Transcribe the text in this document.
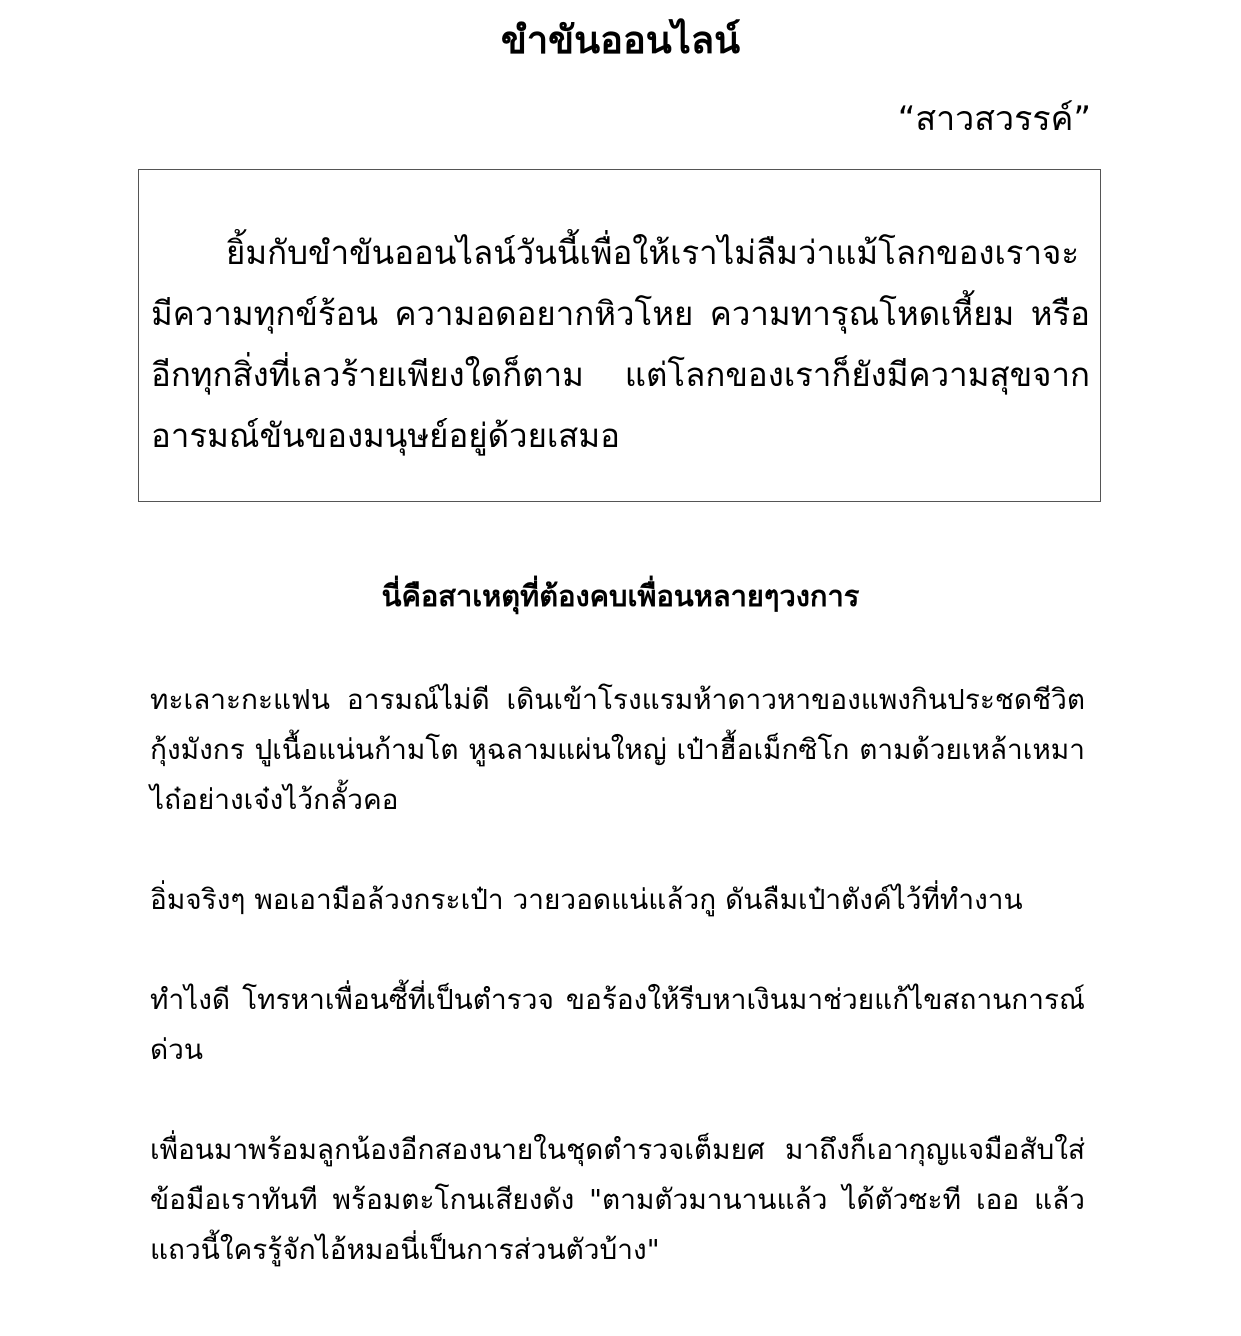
ขำขันออนไลน์

“สาวสวรรค์”

ยิ้มกับขำขันออนไลน์วันนี้เพื่อให้เราไม่ลืมว่าแม้โลกของเราจะมีความทุกข์ร้อน ความอดอยากหิวโหย ความทารุณโหดเหี้ยม หรืออีกทุกสิ่งที่เลวร้ายเพียงใดก็ตาม แต่โลกของเราก็ยังมีความสุขจากอารมณ์ขันของมนุษย์อยู่ด้วยเสมอ

นี่คือสาเหตุที่ต้องคบเพื่อนหลายๆวงการ

ทะเลาะกะแฟน อารมณ์ไม่ดี เดินเข้าโรงแรมห้าดาวหาของแพงกินประชดชีวิต กุ้งมังกร ปูเนื้อแน่นก้ามโต หูฉลามแผ่นใหญ่ เป๋าฮื้อเม็กซิโก ตามด้วยเหล้าเหมาไถ๋อย่างเจ๋งไว้กลั้วคอ

อิ่มจริงๆ พอเอามือล้วงกระเป๋า วายวอดแน่แล้วกู ดันลืมเป๋าตังค์ไว้ที่ทำงาน

ทำไงดี โทรหาเพื่อนซี้ที่เป็นตำรวจ ขอร้องให้รีบหาเงินมาช่วยแก้ไขสถานการณ์ด่วน

เพื่อนมาพร้อมลูกน้องอีกสองนายในชุดตำรวจเต็มยศ มาถึงก็เอากุญแจมือสับใส่ข้อมือเราทันที พร้อมตะโกนเสียงดัง "ตามตัวมานานแล้ว ได้ตัวซะที เออ แล้วแถวนี้ใครรู้จักไอ้หมอนี่เป็นการส่วนตัวบ้าง"
